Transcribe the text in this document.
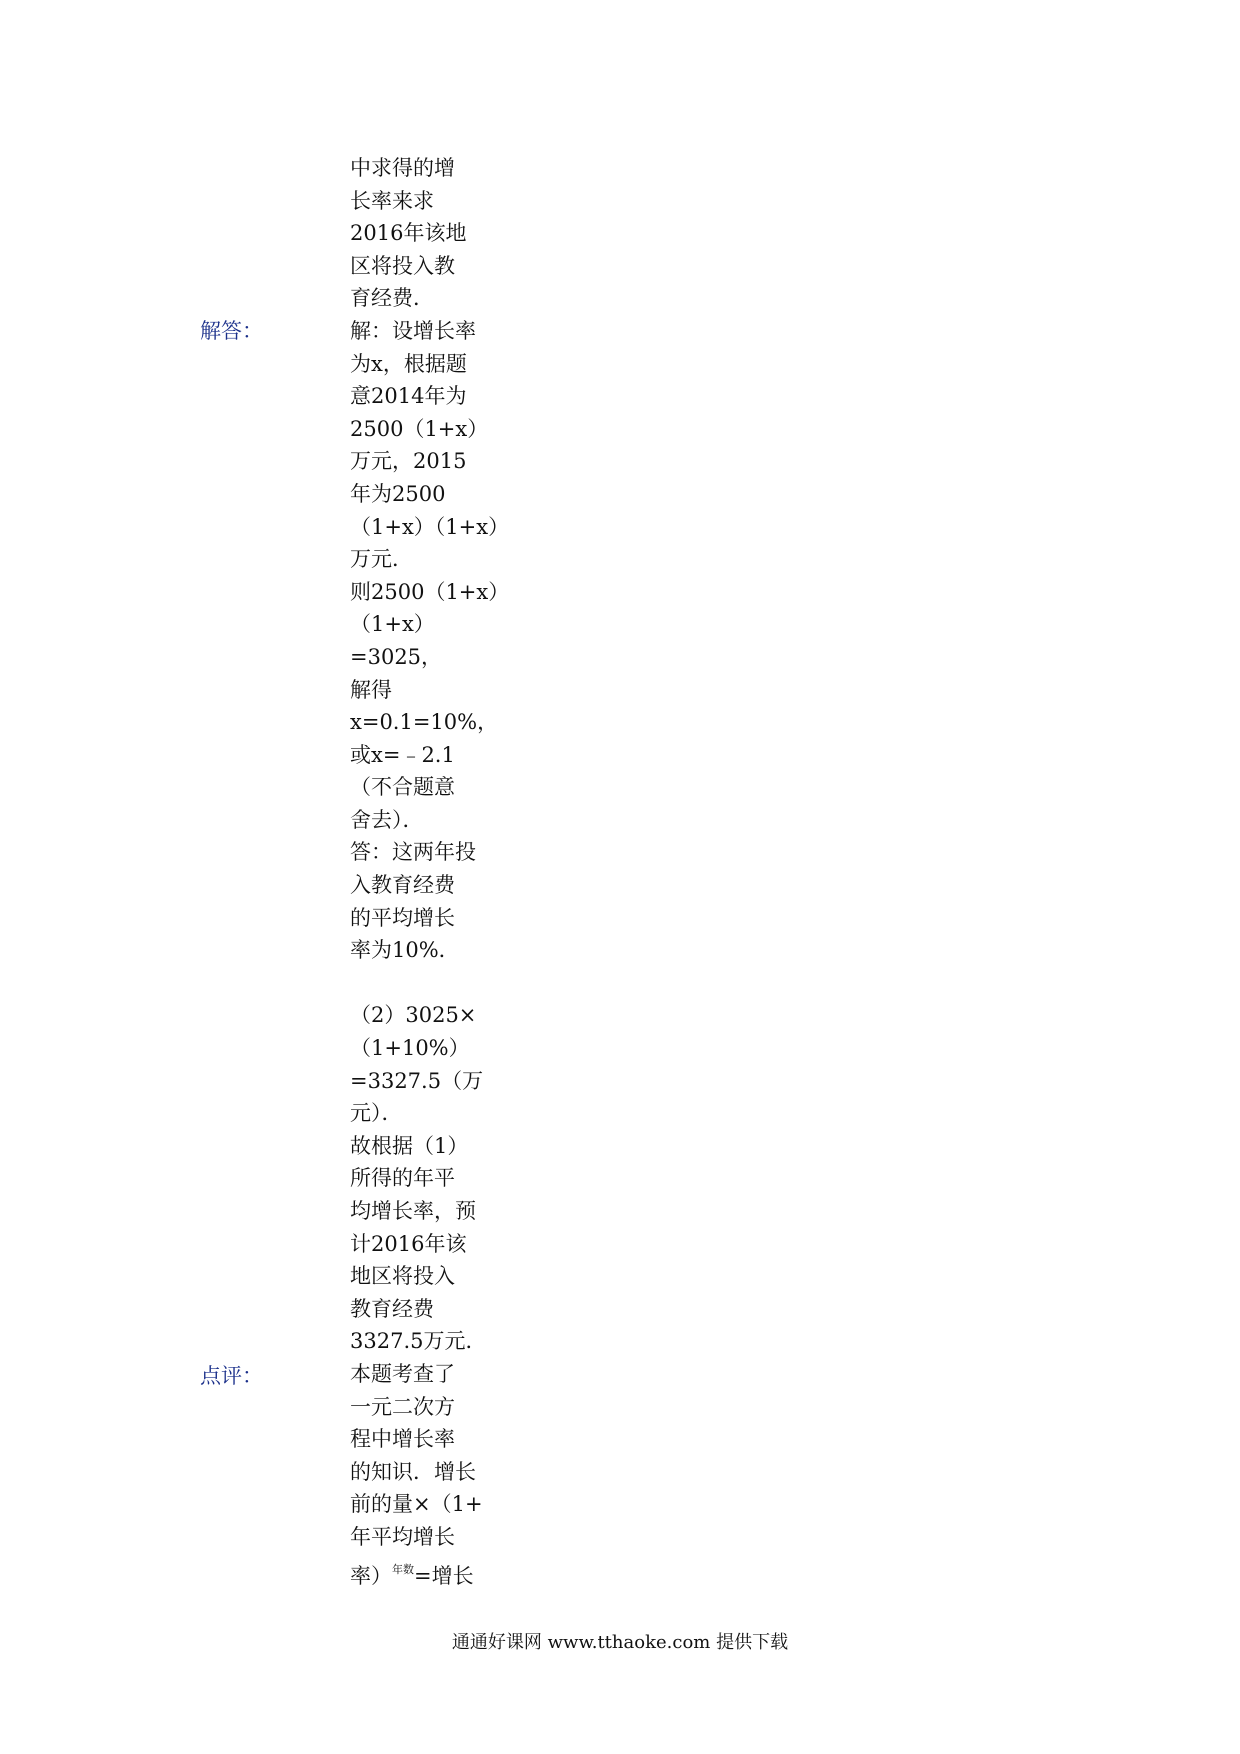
解答：
点评：
中求得的增
长率来求
2016年该地
区将投入教
育经费．
解：设增长率
为x，根据题
意2014年为
2500（1+x）
万元，2015
年为2500
（1+x）（1+x）
万元．
则2500（1+x）
（1+x）
=3025，
解得
x=0.1=10%，
或x=﹣2.1
（不合题意
舍去）．
答：这两年投
入教育经费
的平均增长
率为10%．
（2）3025×
（1+10%）
=3327.5（万
元）．
故根据（1）
所得的年平
均增长率，预
计2016年该
地区将投入
教育经费
3327.5万元．
本题考查了
一元二次方
程中增长率
的知识．增长
前的量×（1+
年平均增长
率）$^{年数}$=增长
通通好课网 www.tthaoke.com 提供下载
